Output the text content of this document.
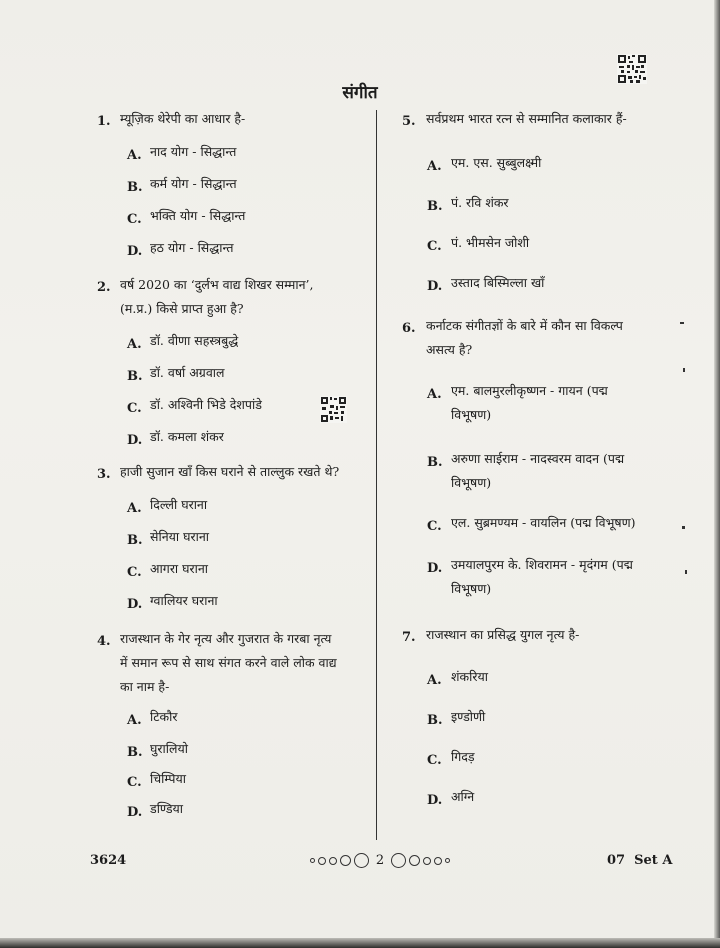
संगीत
1. म्यूज़िक थेरेपी का आधार है-
A. नाद योग - सिद्धान्त
B. कर्म योग - सिद्धान्त
C. भक्ति योग - सिद्धान्त
D. हठ योग - सिद्धान्त
2. वर्ष 2020 का ‘दुर्लभ वाद्य शिखर सम्मान’,
(म.प्र.) किसे प्राप्त हुआ है?
A. डॉ. वीणा सहस्त्रबुद्धे
B. डॉ. वर्षा अग्रवाल
C. डॉ. अश्विनी भिडे देशपांडे
D. डॉ. कमला शंकर
3. हाजी सुजान खाँ किस घराने से ताल्लुक रखते थे?
A. दिल्ली घराना
B. सेनिया घराना
C. आगरा घराना
D. ग्वालियर घराना
4. राजस्थान के गेर नृत्य और गुजरात के गरबा नृत्य
में समान रूप से साथ संगत करने वाले लोक वाद्य
का नाम है-
A. टिकौर
B. घुरालियो
C. चिम्पिया
D. डण्डिया
5. सर्वप्रथम भारत रत्न से सम्मानित कलाकार हैं-
A. एम. एस. सुब्बुलक्ष्मी
B. पं. रवि शंकर
C. पं. भीमसेन जोशी
D. उस्ताद बिस्मिल्ला खाँ
6. कर्नाटक संगीतज्ञों के बारे में कौन सा विकल्प
असत्य है?
A. एम. बालमुरलीकृष्णन - गायन (पद्म
विभूषण)
B. अरुणा साईराम - नादस्वरम वादन (पद्म
विभूषण)
C. एल. सुब्रमण्यम - वायलिन (पद्म विभूषण)
D. उमयालपुरम के. शिवरामन - मृदंगम (पद्म
विभूषण)
7. राजस्थान का प्रसिद्ध युगल नृत्य है-
A. शंकरिया
B. इण्डोणी
C. गिदड़
D. अग्नि
3624	2	07  Set A
